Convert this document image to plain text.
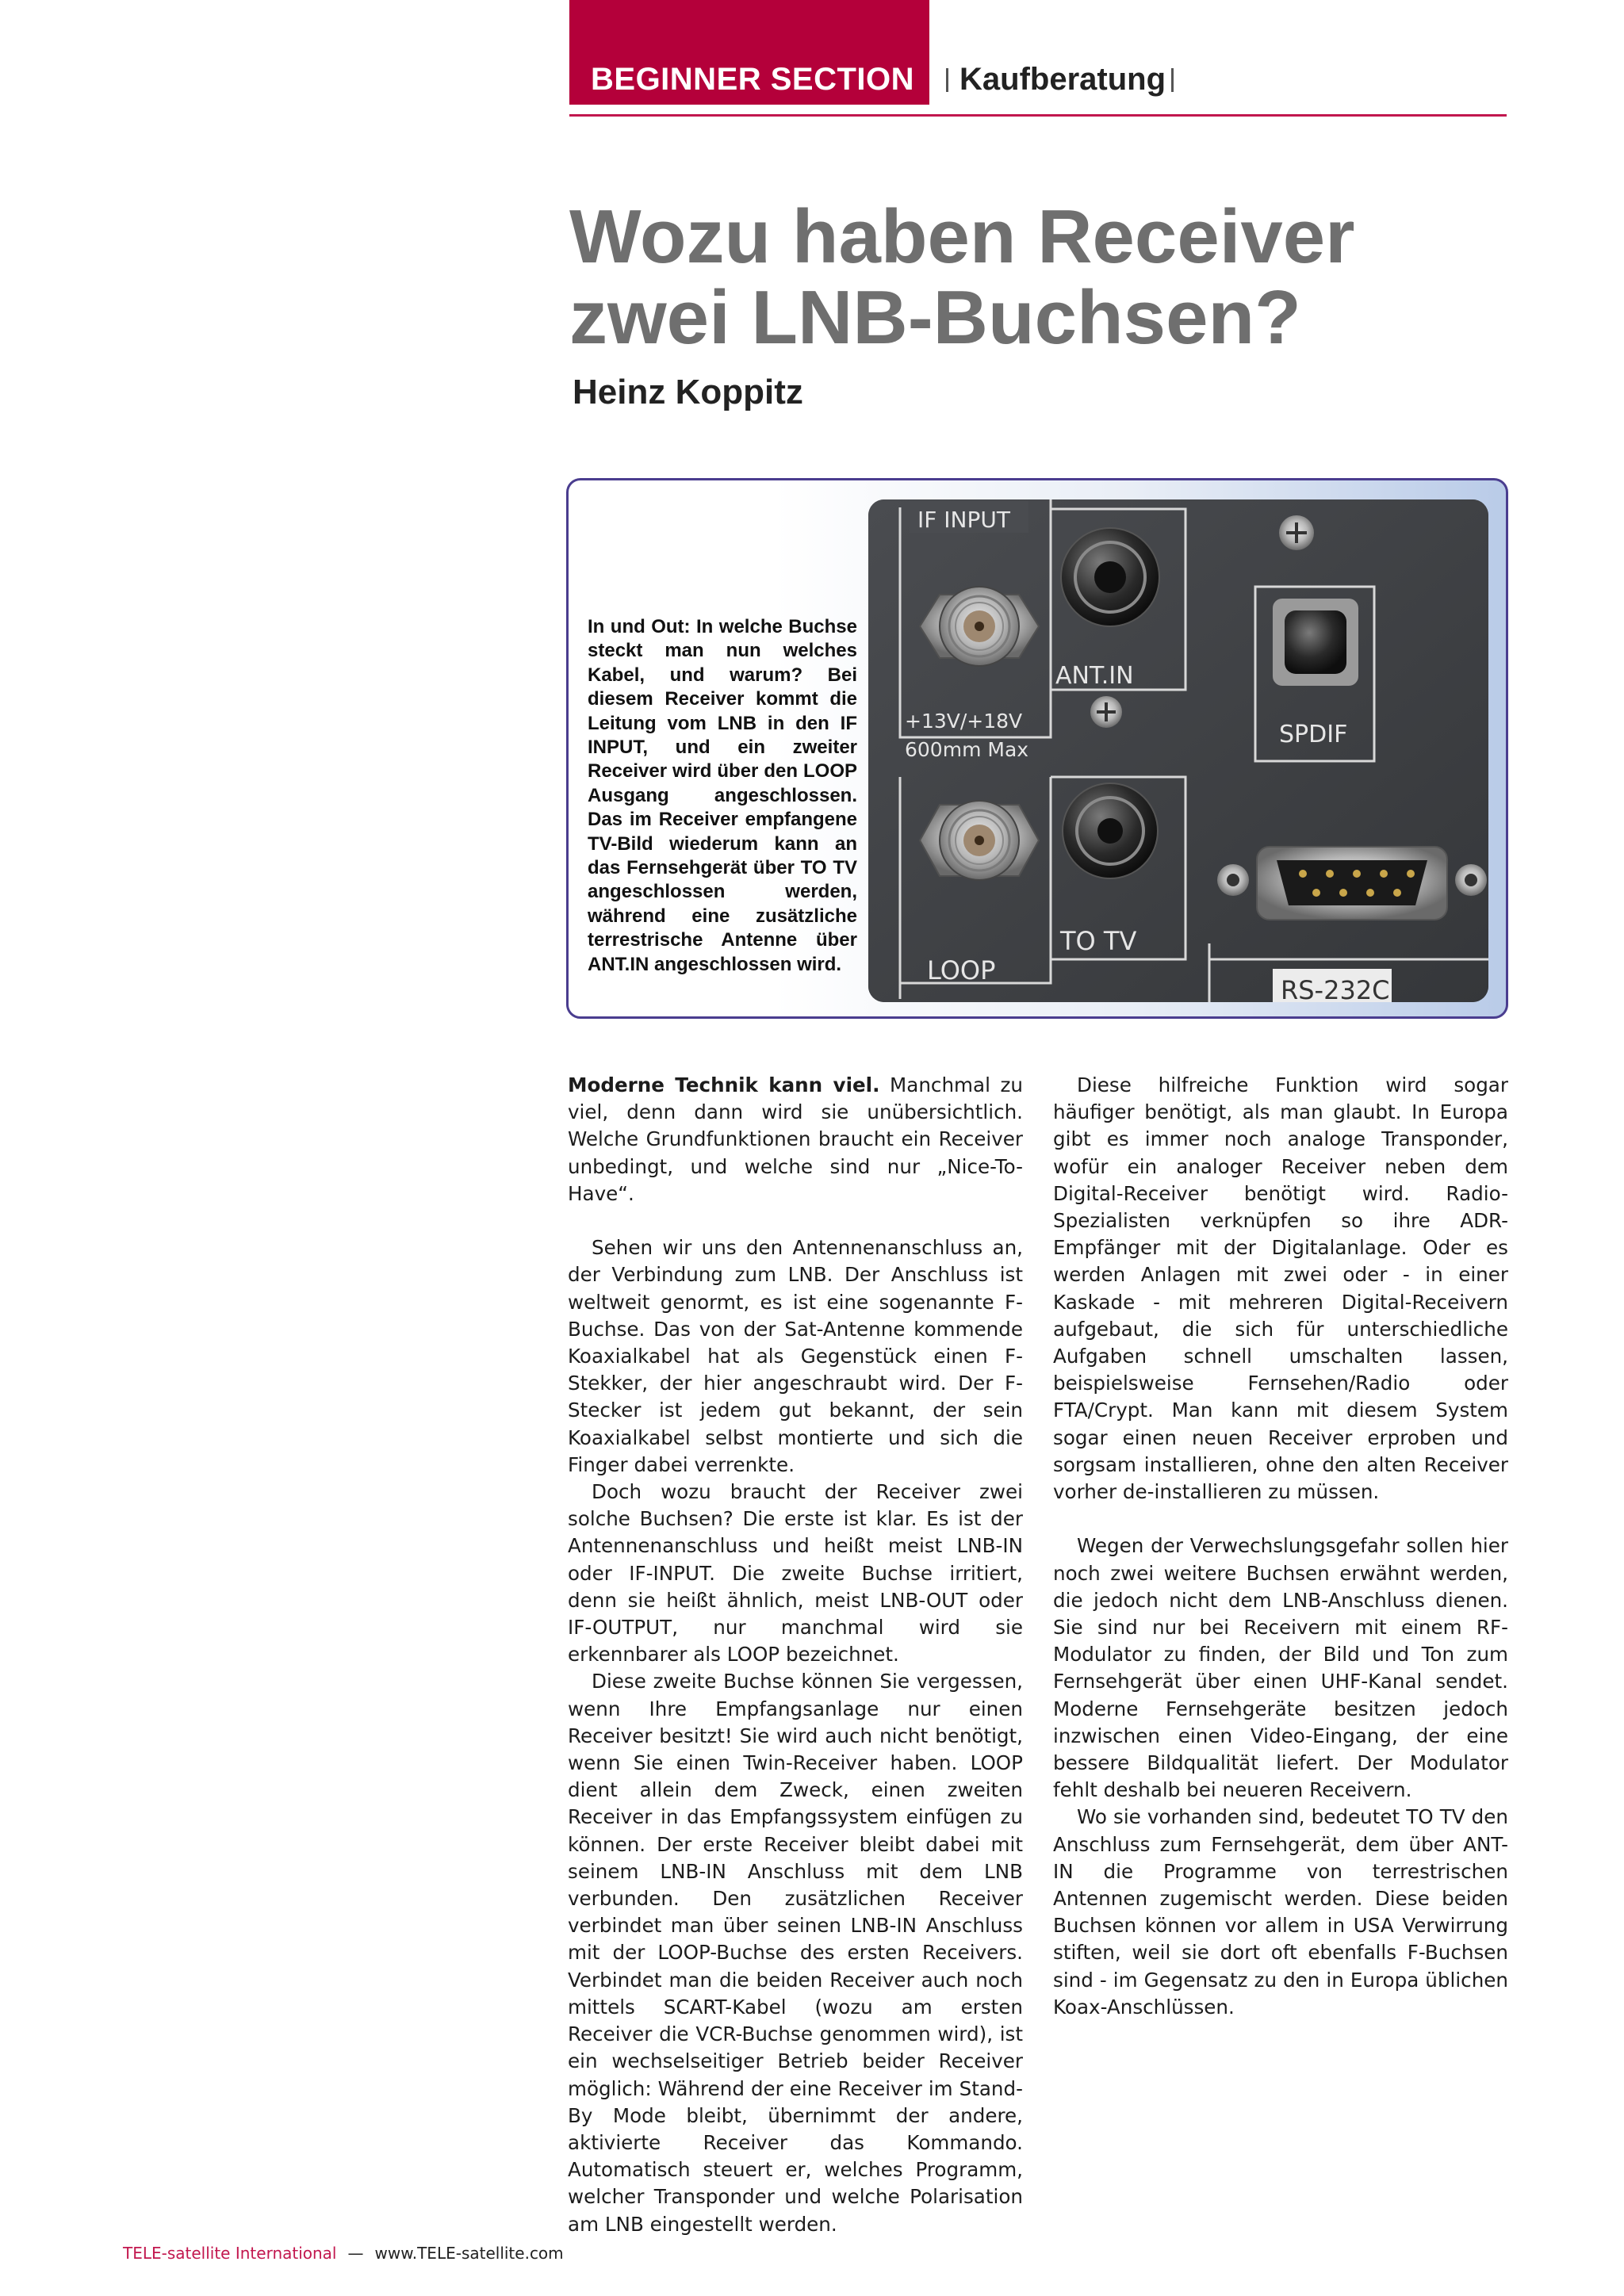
BEGINNER SECTION Kaufberatung
Wozu haben Receiver
zwei LNB-Buchsen?
Heinz Koppitz

In und Out: In welche Buchse steckt man nun welches Kabel, und warum? Bei diesem Receiver kommt die Leitung vom LNB in den IF INPUT, und ein zweiter Receiver wird über den LOOP Ausgang angeschlossen. Das im Receiver empfangene TV-Bild wiederum kann an das Fernsehgerät über TO TV angeschlossen werden, während eine zusätzliche terrestrische Antenne über ANT.IN angeschlossen wird.

IF INPUT
ANT.IN
+13V/+18V
600mm Max
SPDIF
LOOP
TO TV
RS-232C

Moderne Technik kann viel. Manchmal zu viel, denn dann wird sie unübersichtlich. Welche Grundfunktionen braucht ein Receiver unbedingt, und welche sind nur „Nice-To-Have“.

Sehen wir uns den Antennenanschluss an, der Verbindung zum LNB. Der Anschluss ist weltweit genormt, es ist eine sogenannte F-Buchse. Das von der Sat-Antenne kommende Koaxialkabel hat als Gegenstück einen F-Stekker, der hier angeschraubt wird. Der F-Stecker ist jedem gut bekannt, der sein Koaxialkabel selbst montierte und sich die Finger dabei verrenkte.

Doch wozu braucht der Receiver zwei solche Buchsen? Die erste ist klar. Es ist der Antennenanschluss und heißt meist LNB-IN oder IF-INPUT. Die zweite Buchse irritiert, denn sie heißt ähnlich, meist LNB-OUT oder IF-OUTPUT, nur manchmal wird sie erkennbarer als LOOP bezeichnet.

Diese zweite Buchse können Sie vergessen, wenn Ihre Empfangsanlage nur einen Receiver besitzt! Sie wird auch nicht benötigt, wenn Sie einen Twin-Receiver haben. LOOP dient allein dem Zweck, einen zweiten Receiver in das Empfangssystem einfügen zu können. Der erste Receiver bleibt dabei mit seinem LNB-IN Anschluss mit dem LNB verbunden. Den zusätzlichen Receiver verbindet man über seinen LNB-IN Anschluss mit der LOOP-Buchse des ersten Receivers. Verbindet man die beiden Receiver auch noch mittels SCART-Kabel (wozu am ersten Receiver die VCR-Buchse genommen wird), ist ein wechselseitiger Betrieb beider Receiver möglich: Während der eine Receiver im Stand-By Mode bleibt, übernimmt der andere, aktivierte Receiver das Kommando. Automatisch steuert er, welches Programm, welcher Transponder und welche Polarisation am LNB eingestellt werden.

Diese hilfreiche Funktion wird sogar häufiger benötigt, als man glaubt. In Europa gibt es immer noch analoge Transponder, wofür ein analoger Receiver neben dem Digital-Receiver benötigt wird. Radio-Spezialisten verknüpfen so ihre ADR-Empfänger mit der Digitalanlage. Oder es werden Anlagen mit zwei oder - in einer Kaskade - mit mehreren Digital-Receivern aufgebaut, die sich für unterschiedliche Aufgaben schnell umschalten lassen, beispielsweise Fernsehen/Radio oder FTA/Crypt. Man kann mit diesem System sogar einen neuen Receiver erproben und sorgsam installieren, ohne den alten Receiver vorher de-installieren zu müssen.

Wegen der Verwechslungsgefahr sollen hier noch zwei weitere Buchsen erwähnt werden, die jedoch nicht dem LNB-Anschluss dienen. Sie sind nur bei Receivern mit einem RF-Modulator zu finden, der Bild und Ton zum Fernsehgerät über einen UHF-Kanal sendet. Moderne Fernsehgeräte besitzen jedoch inzwischen einen Video-Eingang, der eine bessere Bildqualität liefert. Der Modulator fehlt deshalb bei neueren Receivern.

Wo sie vorhanden sind, bedeutet TO TV den Anschluss zum Fernsehgerät, dem über ANT-IN die Programme von terrestrischen Antennen zugemischt werden. Diese beiden Buchsen können vor allem in USA Verwirrung stiften, weil sie dort oft ebenfalls F-Buchsen sind - im Gegensatz zu den in Europa üblichen Koax-Anschlüssen.

TELE-satellite International — www.TELE-satellite.com
